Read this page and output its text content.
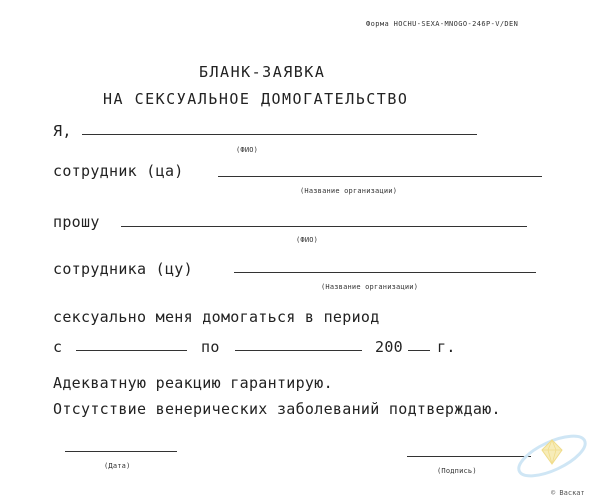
Форма HOCHU-SEXA-MNOGO-246P-V/DEN
БЛАНК-ЗАЯВКА
НА СЕКСУАЛЬНОЕ ДОМОГАТЕЛЬСТВО
Я,
(ФИО)
сотрудник (ца)
(Название организации)
прошу
(ФИО)
сотрудника (цу)
(Название организации)
сексуально меня домогаться в период
с	по	200 г.
Адекватную реакцию гарантирую.
Отсутствие венерических заболеваний подтверждаю.
(Дата)
(Подпись)
© Васкат
